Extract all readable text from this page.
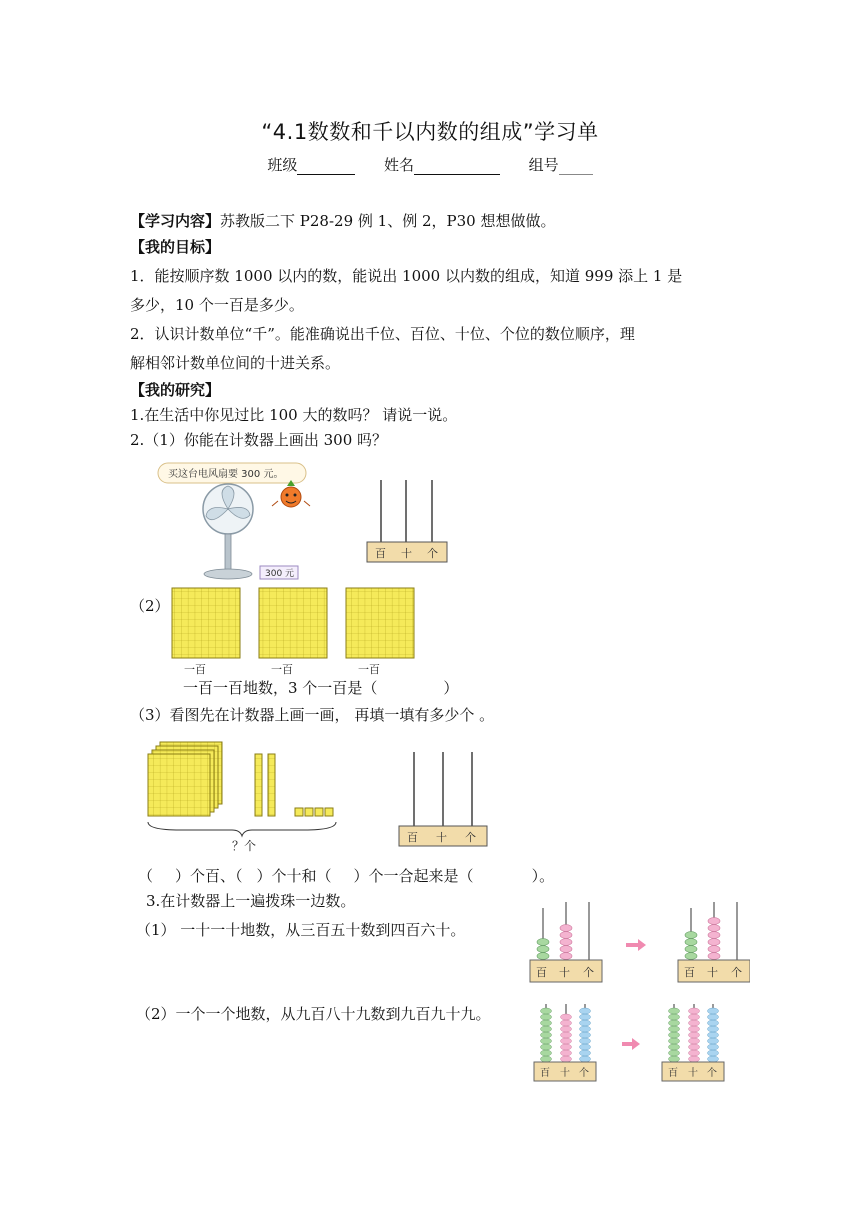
“4.1数数和千以内数的组成”学习单
班级	姓名	组号
【学习内容】苏教版二下 P28-29 例 1、例 2，P30 想想做做。
【我的目标】
1．能按顺序数 1000 以内的数，能说出 1000 以内数的组成，知道 999 添上 1 是
多少，10 个一百是多少。
2．认识计数单位“千”。能准确说出千位、百位、十位、个位的数位顺序，理
解相邻计数单位间的十进关系。
【我的研究】
1.在生活中你见过比 100 大的数吗？ 请说一说。
2.（1）你能在计数器上画出 300 吗？
买这台电风扇要 300 元。
300 元
百 十 个
（2）
一百	一百	一百
一百一百地数，3 个一百是（	）
（3）看图先在计数器上画一画， 再填一填有多少个 。
？个
百 十 个
（ ）个百、（ ）个十和（ ）个一合起来是（	）。
3.在计数器上一遍拨珠一边数。
（1） 一十一十地数，从三百五十数到四百六十。
（2）一个一个地数，从九百八十九数到九百九十九。
百 十 个	百 十 个
百 十 个	百 十 个
